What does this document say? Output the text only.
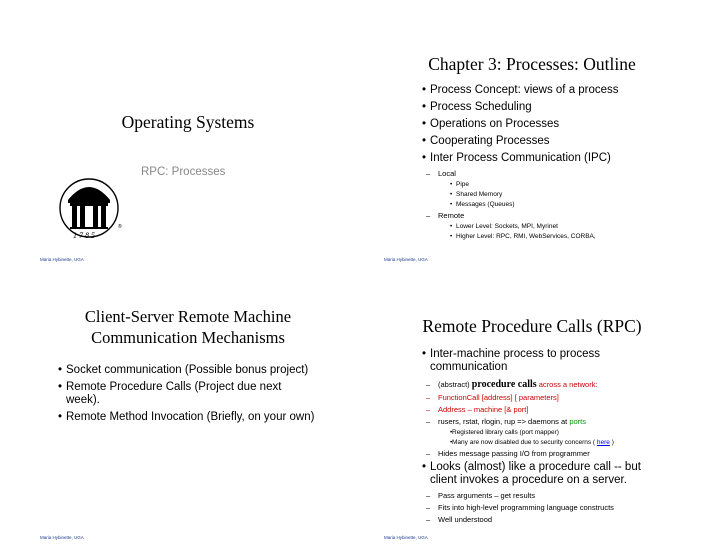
Operating Systems
RPC: Processes
1 7 8 5
®
Maria Hybinette, UGA
Chapter 3: Processes: Outline
• Process Concept: views of a process
• Process Scheduling
• Operations on Processes
• Cooperating Processes
• Inter Process Communication (IPC)
– Local
• Pipe
• Shared Memory
• Messages (Queues)
– Remote
• Lower Level: Sockets, MPI, Myrinet
• Higher Level: RPC, RMI, WebServices, CORBA,
Maria Hybinette, UGA
Client-Server Remote Machine
Communication Mechanisms
• Socket communication (Possible bonus project)
• Remote Procedure Calls (Project due next week).
• Remote Method Invocation (Briefly, on your own)
Maria Hybinette, UGA
Remote Procedure Calls (RPC)
• Inter-machine process to process communication
– (abstract) procedure calls across a network:
– FunctionCall [address] [ parameters]
– Address – machine [& port]
– rusers, rstat, rlogin, rup => daemons at ports
• Registered library calls (port mapper)
• Many are now disabled due to security concerns ( here )
– Hides message passing I/O from programmer
• Looks (almost) like a procedure call -- but client invokes a procedure on a server.
– Pass arguments – get results
– Fits into high-level programming language constructs
– Well understood
Maria Hybinette, UGA
